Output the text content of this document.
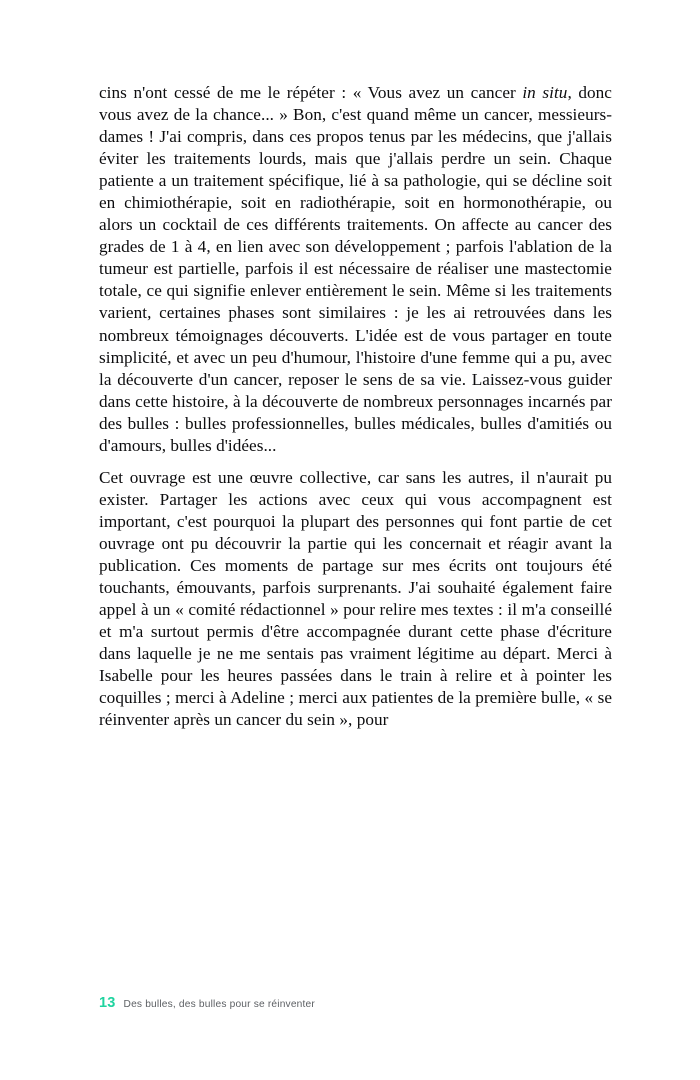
cins n'ont cessé de me le répéter : « Vous avez un cancer in situ, donc vous avez de la chance... » Bon, c'est quand même un cancer, messieurs-dames ! J'ai compris, dans ces propos tenus par les médecins, que j'allais éviter les traitements lourds, mais que j'allais perdre un sein. Chaque patiente a un traitement spécifique, lié à sa pathologie, qui se décline soit en chimiothérapie, soit en radiothérapie, soit en hormonothérapie, ou alors un cocktail de ces différents traitements. On affecte au cancer des grades de 1 à 4, en lien avec son développement ; parfois l'ablation de la tumeur est partielle, parfois il est nécessaire de réaliser une mastectomie totale, ce qui signifie enlever entièrement le sein. Même si les traitements varient, certaines phases sont similaires : je les ai retrouvées dans les nombreux témoignages découverts. L'idée est de vous partager en toute simplicité, et avec un peu d'humour, l'histoire d'une femme qui a pu, avec la découverte d'un cancer, reposer le sens de sa vie. Laissez-vous guider dans cette histoire, à la découverte de nombreux personnages incarnés par des bulles : bulles professionnelles, bulles médicales, bulles d'amitiés ou d'amours, bulles d'idées...

Cet ouvrage est une œuvre collective, car sans les autres, il n'aurait pu exister. Partager les actions avec ceux qui vous accompagnent est important, c'est pourquoi la plupart des personnes qui font partie de cet ouvrage ont pu découvrir la partie qui les concernait et réagir avant la publication. Ces moments de partage sur mes écrits ont toujours été touchants, émouvants, parfois surprenants. J'ai souhaité également faire appel à un « comité rédactionnel » pour relire mes textes : il m'a conseillé et m'a surtout permis d'être accompagnée durant cette phase d'écriture dans laquelle je ne me sentais pas vraiment légitime au départ. Merci à Isabelle pour les heures passées dans le train à relire et à pointer les coquilles ; merci à Adeline ; merci aux patientes de la première bulle, « se réinventer après un cancer du sein », pour

13 Des bulles, des bulles pour se réinventer
